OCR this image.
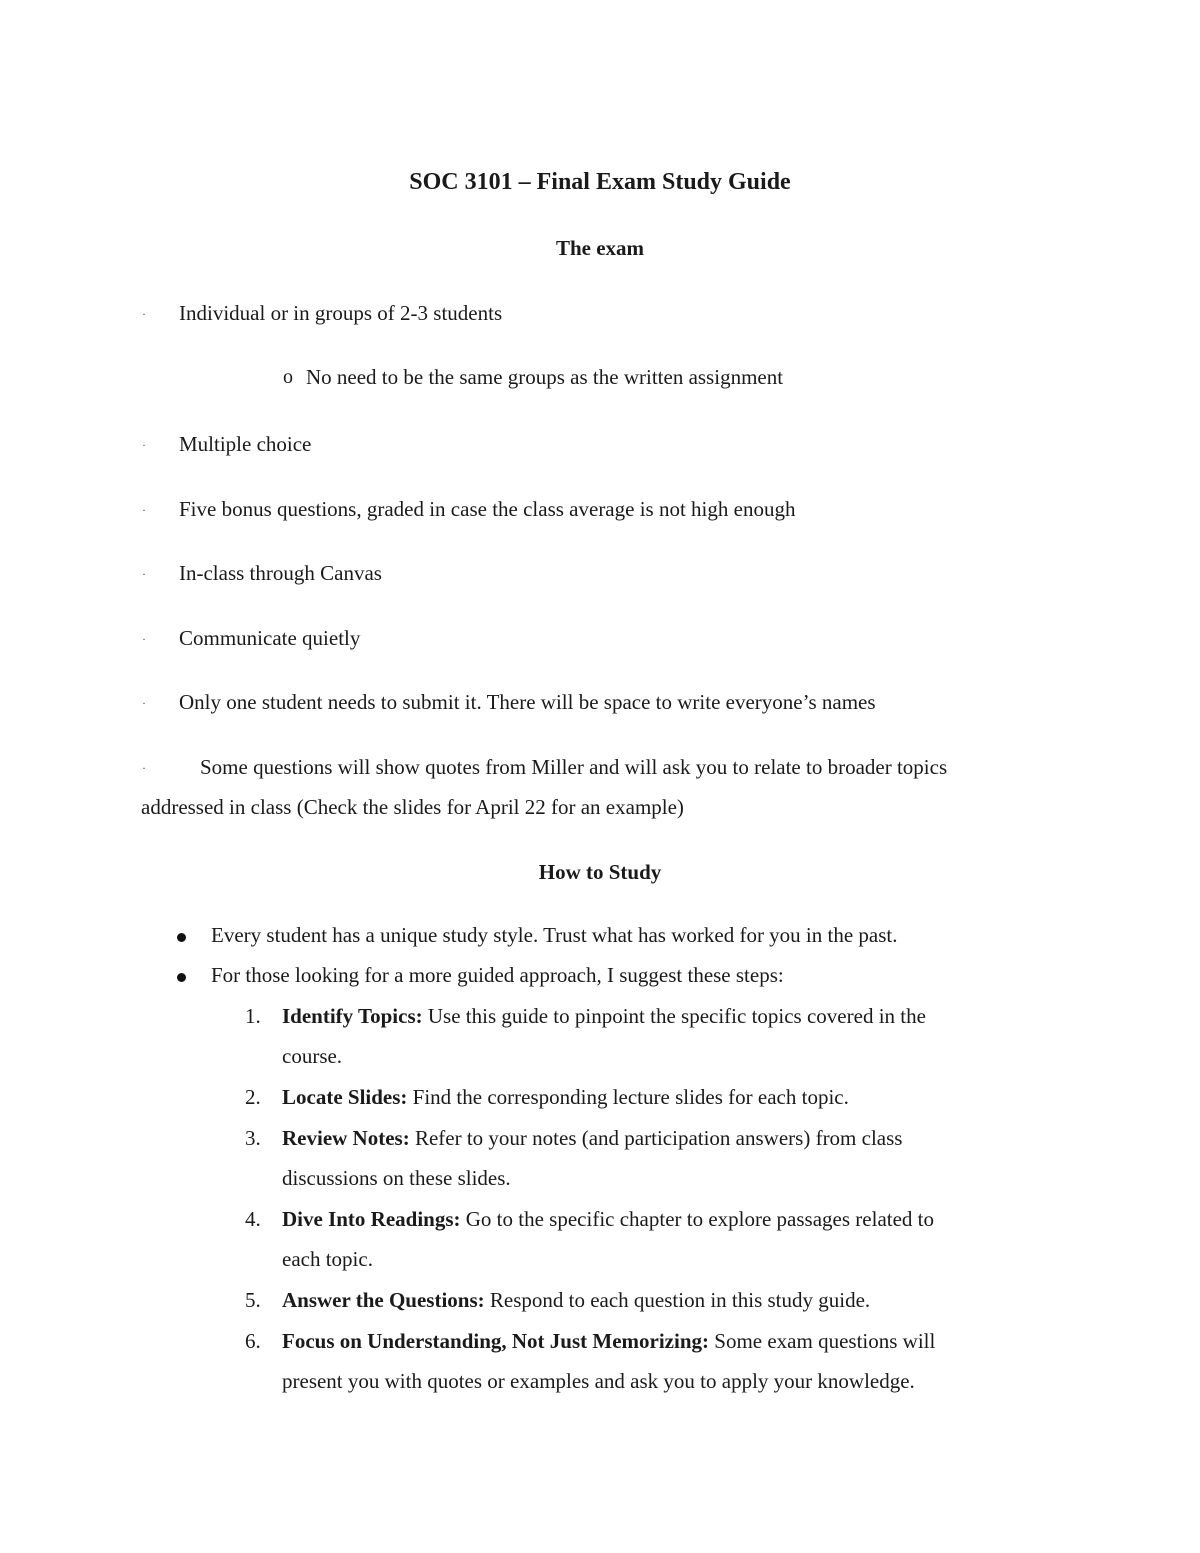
SOC 3101 – Final Exam Study Guide
The exam
· Individual or in groups of 2-3 students
o No need to be the same groups as the written assignment
· Multiple choice
· Five bonus questions, graded in case the class average is not high enough
· In-class through Canvas
· Communicate quietly
· Only one student needs to submit it. There will be space to write everyone’s names
·	Some questions will show quotes from Miller and will ask you to relate to broader topics
addressed in class (Check the slides for April 22 for an example)
How to Study
Every student has a unique study style. Trust what has worked for you in the past.
For those looking for a more guided approach, I suggest these steps:
1. Identify Topics: Use this guide to pinpoint the specific topics covered in the
course.
2. Locate Slides: Find the corresponding lecture slides for each topic.
3. Review Notes: Refer to your notes (and participation answers) from class
discussions on these slides.
4. Dive Into Readings: Go to the specific chapter to explore passages related to
each topic.
5. Answer the Questions: Respond to each question in this study guide.
6. Focus on Understanding, Not Just Memorizing: Some exam questions will
present you with quotes or examples and ask you to apply your knowledge.
